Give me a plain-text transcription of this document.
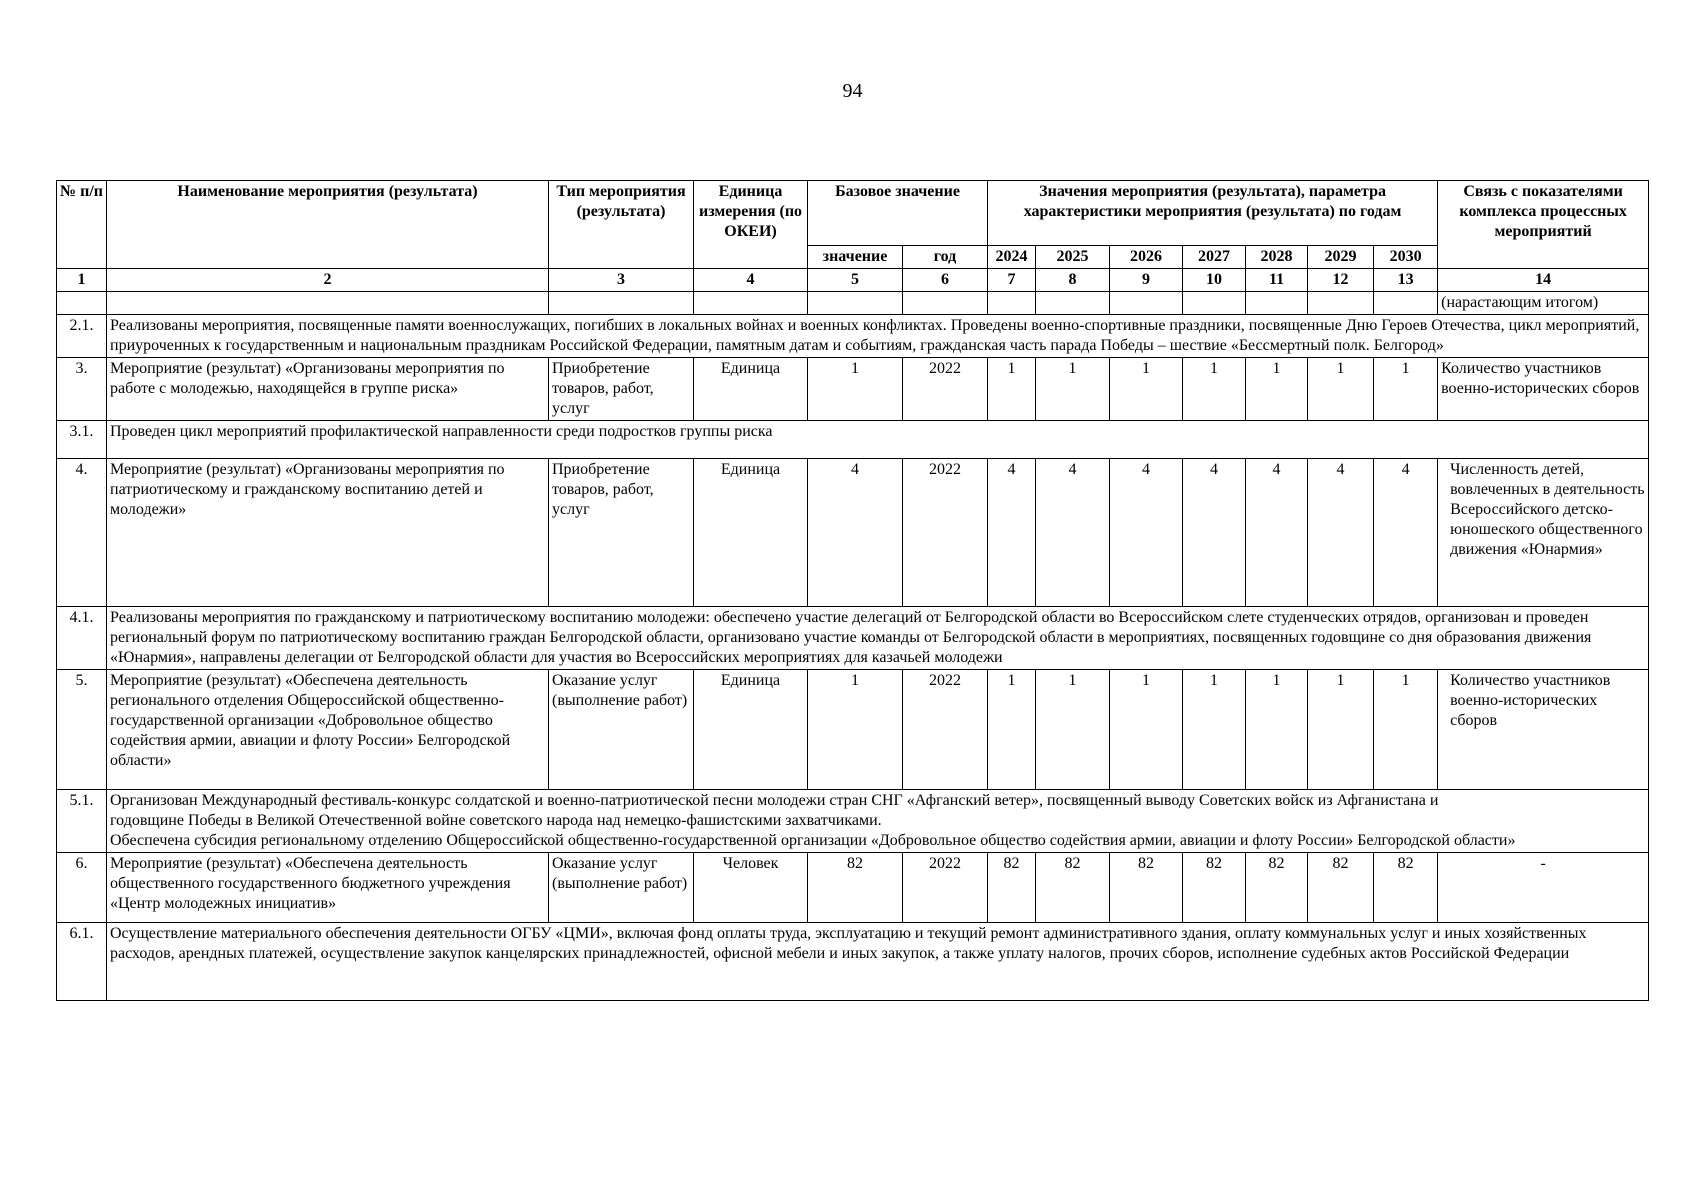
94
№ п/п	Наименование мероприятия (результата)	Тип мероприятия (результата)	Единица измерения (по ОКЕИ)	Базовое значение		Значения мероприятия (результата), параметра характеристики мероприятия (результата) по годам							Связь с показателями комплекса процессных мероприятий
				значение	год	2024	2025	2026	2027	2028	2029	2030	
1	2	3	4	5	6	7	8	9	10	11	12	13	14
													(нарастающим итогом)
2.1.	Реализованы мероприятия, посвященные памяти военнослужащих, погибших в локальных войнах и военных конфликтах. Проведены военно-спортивные праздники, посвященные Дню Героев Отечества, цикл мероприятий, приуроченных к государственным и национальным праздникам Российской Федерации, памятным датам и событиям, гражданская часть парада Победы – шествие «Бессмертный полк. Белгород»												
3.	Мероприятие (результат) «Организованы мероприятия по работе с молодежью, находящейся в группе риска»	Приобретение товаров, работ, услуг	Единица	1	2022	1	1	1	1	1	1	1	Количество участников военно-исторических сборов
3.1.	Проведен цикл мероприятий профилактической направленности среди подростков группы риска												
4.	Мероприятие (результат) «Организованы мероприятия по патриотическому и гражданскому воспитанию детей и молодежи»	Приобретение товаров, работ, услуг	Единица	4	2022	4	4	4	4	4	4	4	Численность детей, вовлеченных в деятельность Всероссийского детско-юношеского общественного движения «Юнармия»
4.1.	Реализованы мероприятия по гражданскому и патриотическому воспитанию молодежи: обеспечено участие делегаций от Белгородской области во Всероссийском слете студенческих отрядов, организован и проведен региональный форум по патриотическому воспитанию граждан Белгородской области, организовано участие команды от Белгородской области в мероприятиях, посвященных годовщине со дня образования движения «Юнармия», направлены делегации от Белгородской области для участия во Всероссийских мероприятиях для казачьей молодежи												
5.	Мероприятие (результат) «Обеспечена деятельность регионального отделения Общероссийской общественно-государственной организации «Добровольное общество содействия армии, авиации и флоту России» Белгородской области»	Оказание услуг (выполнение работ)	Единица	1	2022	1	1	1	1	1	1	1	Количество участников военно-исторических сборов
5.1.	Организован Международный фестиваль-конкурс солдатской и военно-патриотической песни молодежи стран СНГ «Афганский ветер», посвященный выводу Советских войск из Афганистана и годовщине Победы в Великой Отечественной войне советского народа над немецко-фашистскими захватчиками.
Обеспечена субсидия региональному отделению Общероссийской общественно-государственной организации «Добровольное общество содействия армии, авиации и флоту России» Белгородской области»												

6.	Мероприятие (результат) «Обеспечена деятельность общественного государственного бюджетного учреждения «Центр молодежных инициатив»	Оказание услуг (выполнение работ)	Человек	82	2022	82	82	82	82	82	82	82	-
6.1.	Осуществление материального обеспечения деятельности ОГБУ «ЦМИ», включая фонд оплаты труда, эксплуатацию и текущий ремонт административного здания, оплату коммунальных услуг и иных хозяйственных расходов, арендных платежей, осуществление закупок канцелярских принадлежностей, офисной мебели и иных закупок, а также уплату налогов, прочих сборов, исполнение судебных актов Российской Федерации												
